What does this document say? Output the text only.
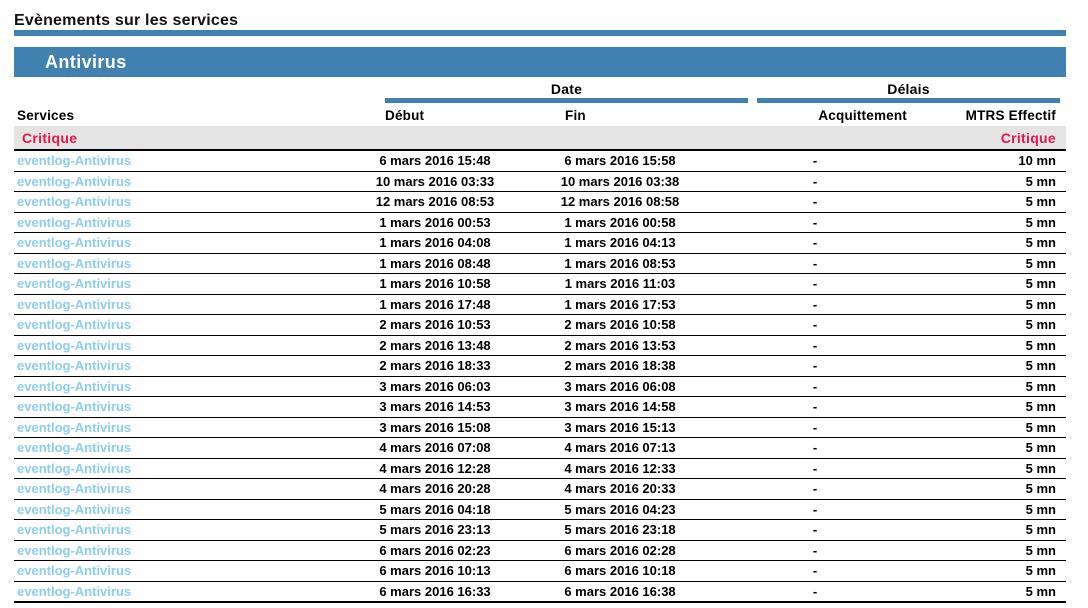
Evènements sur les services
Antivirus
Date	Délais
Services	Début	Fin	Acquittement	MTRS Effectif
Critique	Critique
eventlog-Antivirus	6 mars 2016 15:48	6 mars 2016 15:58	-	10 mn
eventlog-Antivirus	10 mars 2016 03:33	10 mars 2016 03:38	-	5 mn
eventlog-Antivirus	12 mars 2016 08:53	12 mars 2016 08:58	-	5 mn
eventlog-Antivirus	1 mars 2016 00:53	1 mars 2016 00:58	-	5 mn
eventlog-Antivirus	1 mars 2016 04:08	1 mars 2016 04:13	-	5 mn
eventlog-Antivirus	1 mars 2016 08:48	1 mars 2016 08:53	-	5 mn
eventlog-Antivirus	1 mars 2016 10:58	1 mars 2016 11:03	-	5 mn
eventlog-Antivirus	1 mars 2016 17:48	1 mars 2016 17:53	-	5 mn
eventlog-Antivirus	2 mars 2016 10:53	2 mars 2016 10:58	-	5 mn
eventlog-Antivirus	2 mars 2016 13:48	2 mars 2016 13:53	-	5 mn
eventlog-Antivirus	2 mars 2016 18:33	2 mars 2016 18:38	-	5 mn
eventlog-Antivirus	3 mars 2016 06:03	3 mars 2016 06:08	-	5 mn
eventlog-Antivirus	3 mars 2016 14:53	3 mars 2016 14:58	-	5 mn
eventlog-Antivirus	3 mars 2016 15:08	3 mars 2016 15:13	-	5 mn
eventlog-Antivirus	4 mars 2016 07:08	4 mars 2016 07:13	-	5 mn
eventlog-Antivirus	4 mars 2016 12:28	4 mars 2016 12:33	-	5 mn
eventlog-Antivirus	4 mars 2016 20:28	4 mars 2016 20:33	-	5 mn
eventlog-Antivirus	5 mars 2016 04:18	5 mars 2016 04:23	-	5 mn
eventlog-Antivirus	5 mars 2016 23:13	5 mars 2016 23:18	-	5 mn
eventlog-Antivirus	6 mars 2016 02:23	6 mars 2016 02:28	-	5 mn
eventlog-Antivirus	6 mars 2016 10:13	6 mars 2016 10:18	-	5 mn
eventlog-Antivirus	6 mars 2016 16:33	6 mars 2016 16:38	-	5 mn
